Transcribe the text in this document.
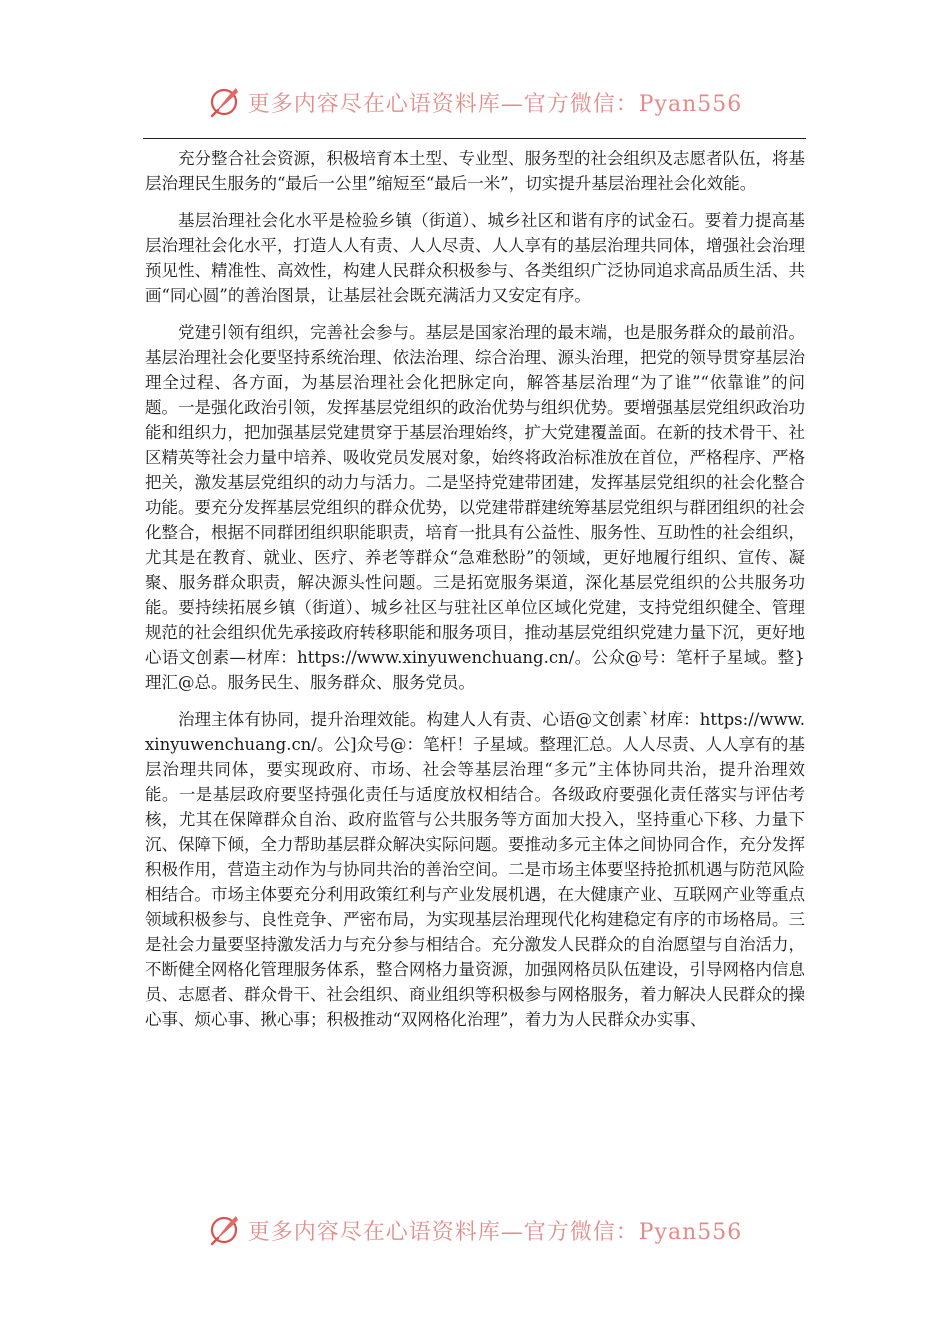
更多内容尽在心语资料库—官方微信：Pyan556

充分整合社会资源，积极培育本土型、专业型、服务型的社会组织及志愿者队伍，将基层治理民生服务的“最后一公里”缩短至“最后一米”，切实提升基层治理社会化效能。

基层治理社会化水平是检验乡镇（街道）、城乡社区和谐有序的试金石。要着力提高基层治理社会化水平，打造人人有责、人人尽责、人人享有的基层治理共同体，增强社会治理预见性、精准性、高效性，构建人民群众积极参与、各类组织广泛协同追求高品质生活、共画“同心圆”的善治图景，让基层社会既充满活力又安定有序。

党建引领有组织，完善社会参与。基层是国家治理的最末端，也是服务群众的最前沿。基层治理社会化要坚持系统治理、依法治理、综合治理、源头治理，把党的领导贯穿基层治理全过程、各方面，为基层治理社会化把脉定向，解答基层治理“为了谁”“依靠谁”的问题。一是强化政治引领，发挥基层党组织的政治优势与组织优势。要增强基层党组织政治功能和组织力，把加强基层党建贯穿于基层治理始终，扩大党建覆盖面。在新的技术骨干、社区精英等社会力量中培养、吸收党员发展对象，始终将政治标准放在首位，严格程序、严格把关，激发基层党组织的动力与活力。二是坚持党建带团建，发挥基层党组织的社会化整合功能。要充分发挥基层党组织的群众优势，以党建带群建统筹基层党组织与群团组织的社会化整合，根据不同群团组织职能职责，培育一批具有公益性、服务性、互助性的社会组织，尤其是在教育、就业、医疗、养老等群众“急难愁盼”的领域，更好地履行组织、宣传、凝聚、服务群众职责，解决源头性问题。三是拓宽服务渠道，深化基层党组织的公共服务功能。要持续拓展乡镇（街道）、城乡社区与驻社区单位区域化党建，支持党组织健全、管理规范的社会组织优先承接政府转移职能和服务项目，推动基层党组织党建力量下沉，更好地心语文创素—材库：https://www.xinyuwenchuang.cn/。公众@号：笔杆子星域。整}理汇@总。服务民生、服务群众、服务党员。

治理主体有协同，提升治理效能。构建人人有责、心语@文创素`材库：https://www.xinyuwenchuang.cn/。公]众号@：笔杆！子星域。整理汇总。人人尽责、人人享有的基层治理共同体，要实现政府、市场、社会等基层治理“多元”主体协同共治，提升治理效能。一是基层政府要坚持强化责任与适度放权相结合。各级政府要强化责任落实与评估考核，尤其在保障群众自治、政府监管与公共服务等方面加大投入，坚持重心下移、力量下沉、保障下倾，全力帮助基层群众解决实际问题。要推动多元主体之间协同合作，充分发挥积极作用，营造主动作为与协同共治的善治空间。二是市场主体要坚持抢抓机遇与防范风险相结合。市场主体要充分利用政策红利与产业发展机遇，在大健康产业、互联网产业等重点领域积极参与、良性竞争、严密布局，为实现基层治理现代化构建稳定有序的市场格局。三是社会力量要坚持激发活力与充分参与相结合。充分激发人民群众的自治愿望与自治活力，不断健全网格化管理服务体系，整合网格力量资源，加强网格员队伍建设，引导网格内信息员、志愿者、群众骨干、社会组织、商业组织等积极参与网格服务，着力解决人民群众的操心事、烦心事、揪心事；积极推动“双网格化治理”，着力为人民群众办实事、

更多内容尽在心语资料库—官方微信：Pyan556
